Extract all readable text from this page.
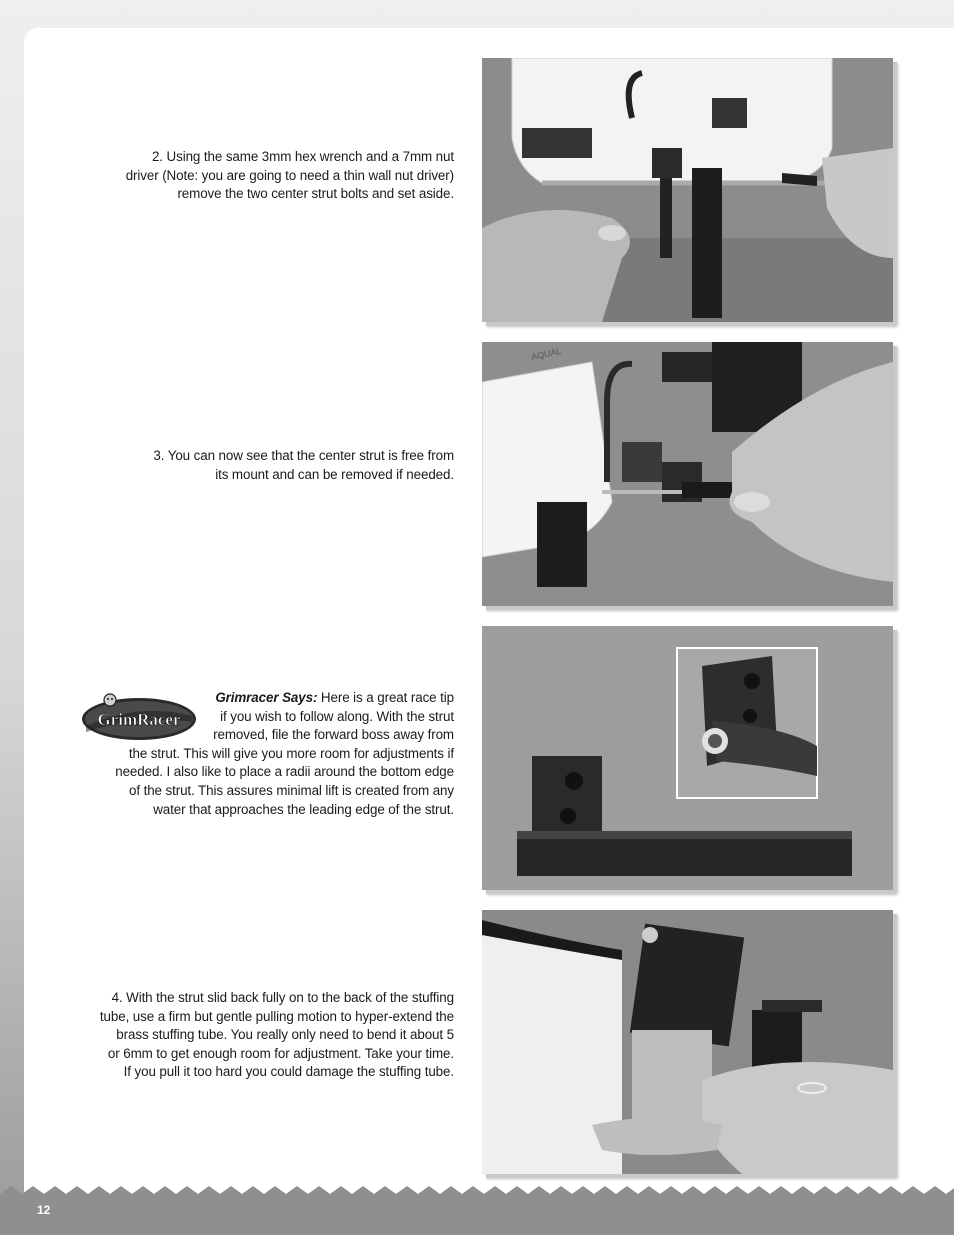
2. Using the same 3mm hex wrench and a 7mm nut

driver (Note: you are going to need a thin wall nut driver)

remove the two center strut bolts and set aside.

3. You can now see that the center strut is free from

its mount and can be removed if needed.

GrimRacer

Grimracer Says: Here is a great race tip

if you wish to follow along. With the strut

removed, file the forward boss away from

the strut. This will give you more room for adjustments if

needed. I also like to place a radii around the bottom edge

of the strut. This assures minimal lift is created from any

water that approaches the leading edge of the strut.

4. With the strut slid back fully on to the back of the stuffing

tube, use a firm but gentle pulling motion to hyper-extend the

brass stuffing tube. You really only need to bend it about 5

or 6mm to get enough room for adjustment. Take your time.

If you pull it too hard you could damage the stuffing tube.

AQUAL
12
